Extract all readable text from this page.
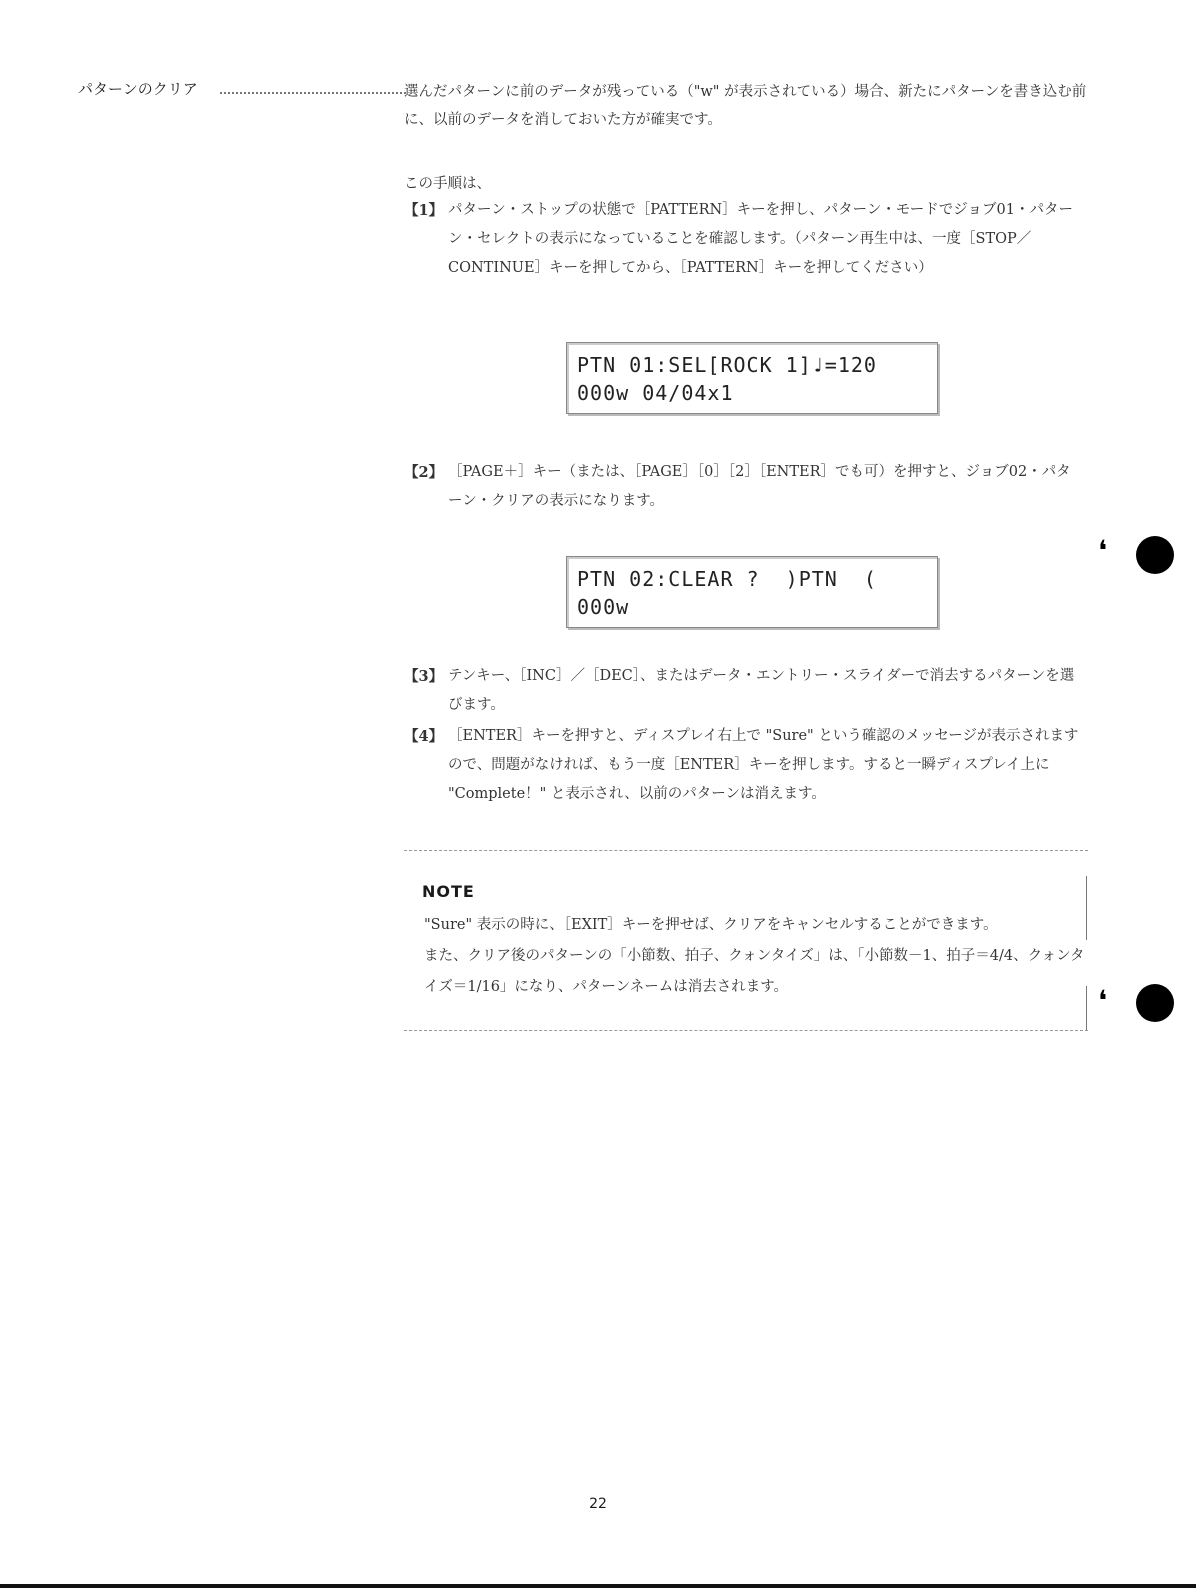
パターンのクリア	選んだパターンに前のデータが残っている（"w" が表示されている）場合、新たにパターンを書き込む前に、以前のデータを消しておいた方が確実です。
この手順は、
【1】 パターン・ストップの状態で［PATTERN］キーを押し、パターン・モードでジョブ01・パターン・セレクトの表示になっていることを確認します。（パターン再生中は、一度［STOP／CONTINUE］キーを押してから、［PATTERN］キーを押してください）
PTN 01:SEL[ROCK 1]♩=120
000w 04/04x1
【2】 ［PAGE＋］キー（または、［PAGE］［0］［2］［ENTER］でも可）を押すと、ジョブ02・パターン・クリアの表示になります。
PTN 02:CLEAR ?  )PTN  (
000w
【3】 テンキー、［INC］／［DEC］、またはデータ・エントリー・スライダーで消去するパターンを選びます。
【4】 ［ENTER］キーを押すと、ディスプレイ右上で "Sure" という確認のメッセージが表示されますので、問題がなければ、もう一度［ENTER］キーを押します。すると一瞬ディスプレイ上に "Complete！" と表示され、以前のパターンは消えます。
NOTE
"Sure" 表示の時に、［EXIT］キーを押せば、クリアをキャンセルすることができます。
また、クリア後のパターンの「小節数、拍子、クォンタイズ」は、「小節数－1、拍子＝4/4、クォンタイズ＝1/16」になり、パターンネームは消去されます。
❛
❛
22
